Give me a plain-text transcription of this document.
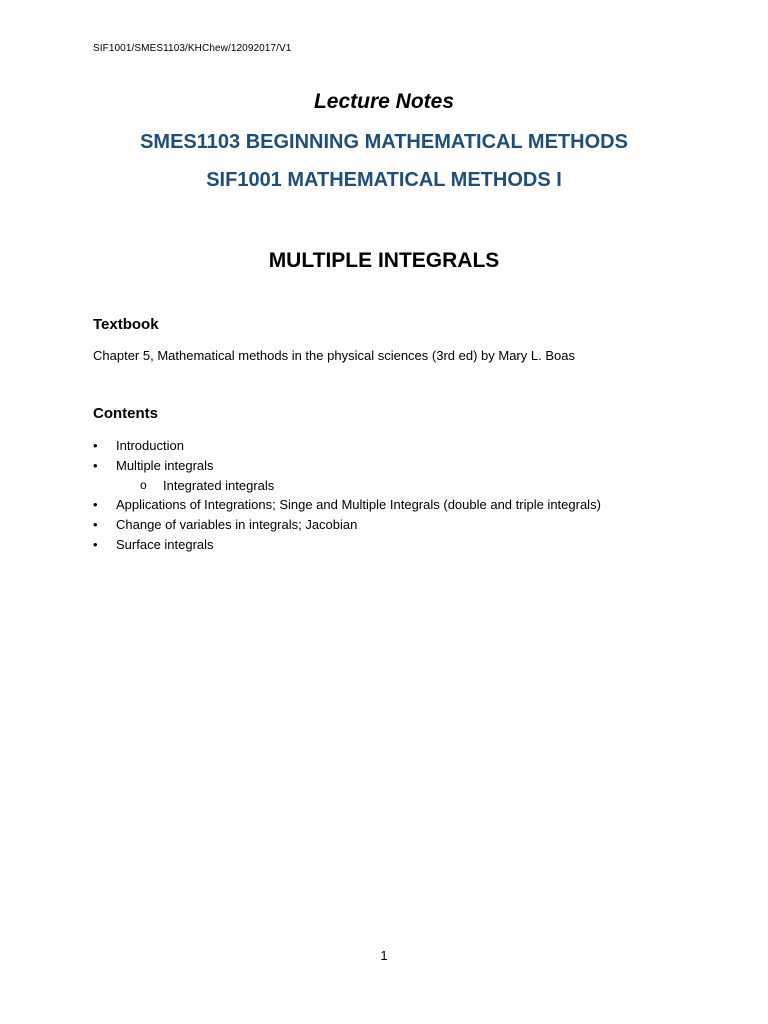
SIF1001/SMES1103/KHChew/12092017/V1
Lecture Notes
SMES1103 BEGINNING MATHEMATICAL METHODS
SIF1001 MATHEMATICAL METHODS I
MULTIPLE INTEGRALS
Textbook
Chapter 5, Mathematical methods in the physical sciences (3rd ed) by Mary L. Boas
Contents
•	Introduction
•	Multiple integrals
o Integrated integrals
•	Applications of Integrations; Singe and Multiple Integrals (double and triple integrals)
•	Change of variables in integrals; Jacobian
•	Surface integrals
1
